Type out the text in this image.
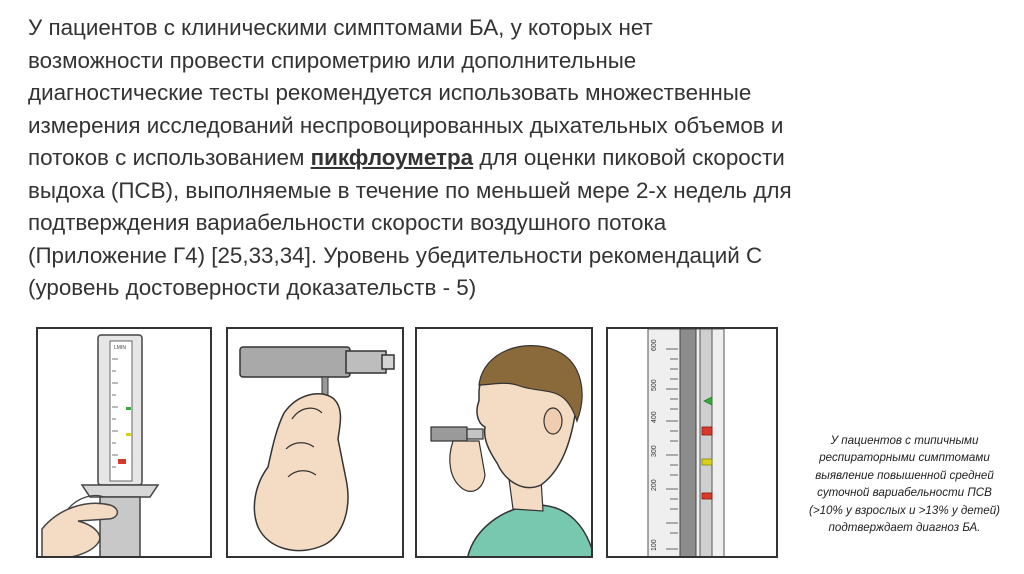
У пациентов с клиническими симптомами БА, у которых нет
возможности провести спирометрию или дополнительные
диагностические тесты рекомендуется использовать множественные
измерения исследований неспровоцированных дыхательных объемов и
потоков с использованием пикфлоуметра для оценки пиковой скорости
выдоха (ПСВ), выполняемые в течение по меньшей мере 2-х недель для
подтверждения вариабельности скорости воздушного потока
(Приложение Г4) [25,33,34]. Уровень убедительности рекомендаций С
(уровень достоверности доказательств - 5)
LMIN	600
500
400
300
200
100
У пациентов с типичными
респираторными симптомами
выявление повышенной средней
суточной вариабельности ПСВ
(>10% у взрослых и >13% у детей)
подтверждает диагноз БА.
